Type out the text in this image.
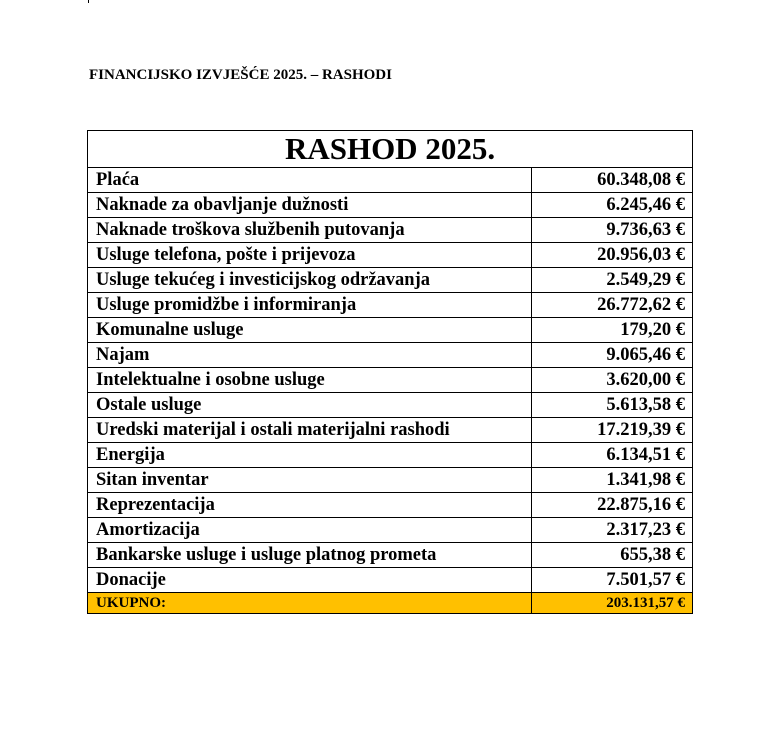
FINANCIJSKO IZVJEŠĆE 2025. – RASHODI
RASHOD 2025.	
Plaća	60.348,08 €
Naknade za obavljanje dužnosti	6.245,46 €
Naknade troškova službenih putovanja	9.736,63 €
Usluge telefona, pošte i prijevoza	20.956,03 €
Usluge tekućeg i investicijskog održavanja	2.549,29 €
Usluge promidžbe i informiranja	26.772,62 €
Komunalne usluge	179,20 €
Najam	9.065,46 €
Intelektualne i osobne usluge	3.620,00 €
Ostale usluge	5.613,58 €
Uredski materijal i ostali materijalni rashodi	17.219,39 €
Energija	6.134,51 €
Sitan inventar	1.341,98 €
Reprezentacija	22.875,16 €
Amortizacija	2.317,23 €
Bankarske usluge i usluge platnog prometa	655,38 €
Donacije	7.501,57 €
UKUPNO:	203.131,57 €
